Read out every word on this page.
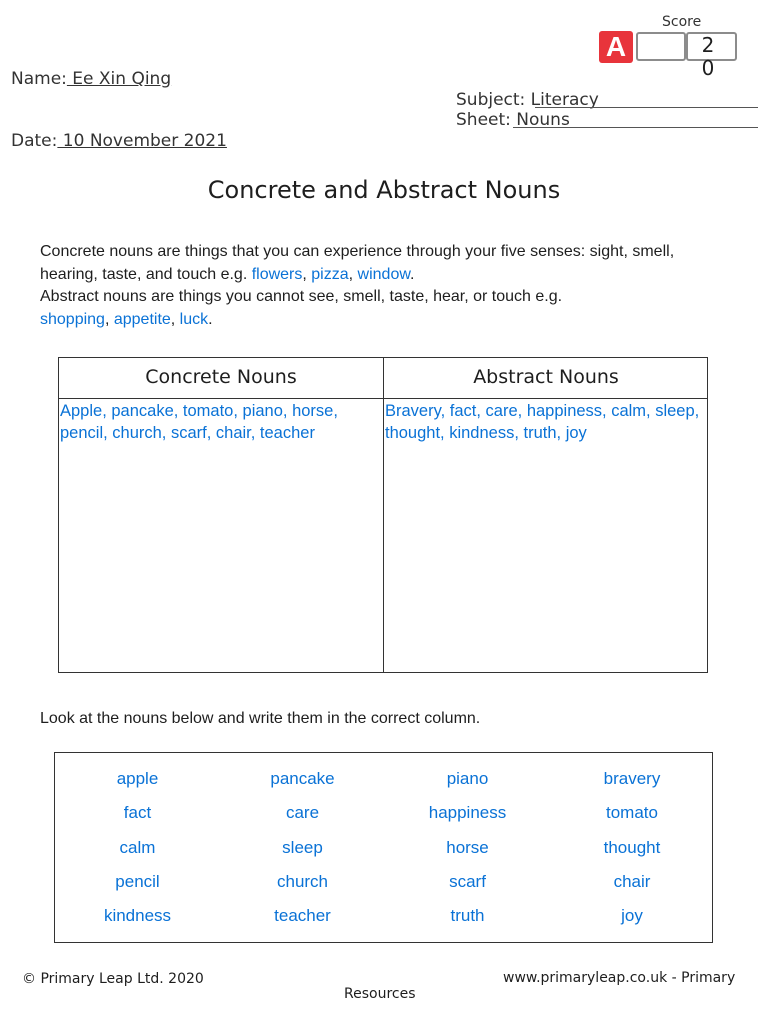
Score
A	2
0
Name: Ee Xin Qing
Date: 10 November 2021
Subject: Literacy
Sheet: Nouns
Concrete and Abstract Nouns
Concrete nouns are things that you can experience through your five senses: sight, smell, hearing, taste, and touch e.g. flowers, pizza, window.
Abstract nouns are things you cannot see, smell, taste, hear, or touch e.g.
shopping, appetite, luck.
Concrete Nouns	Abstract Nouns
Apple, pancake, tomato, piano, horse, pencil, church, scarf, chair, teacher
Bravery, fact, care, happiness, calm, sleep, thought, kindness, truth, joy
Look at the nouns below and write them in the correct column.
apple	pancake	piano	bravery
fact	care	happiness	tomato
calm	sleep	horse	thought
pencil	church	scarf	chair
kindness	teacher	truth	joy
© Primary Leap Ltd. 2020	www.primaryleap.co.uk - Primary
Resources
